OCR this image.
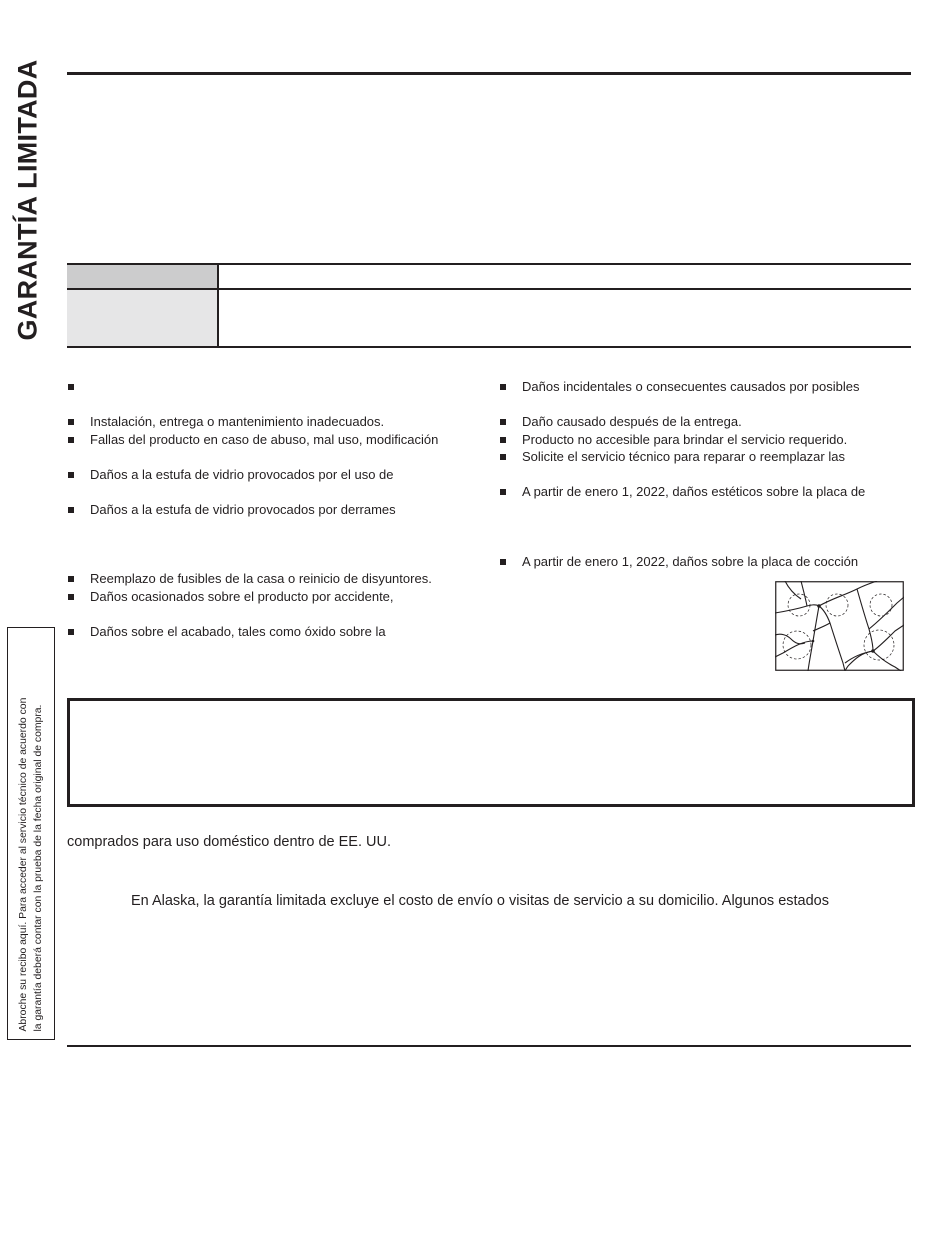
GARANTÍA LIMITADA
Instalación, entrega o mantenimiento inadecuados.
Fallas del producto en caso de abuso, mal uso, modificación
Daños a la estufa de vidrio provocados por el uso de
Daños a la estufa de vidrio provocados por derrames
Reemplazo de fusibles de la casa o reinicio de disyuntores.
Daños ocasionados sobre el producto por accidente,
Daños sobre el acabado, tales como óxido sobre la
Daños incidentales o consecuentes causados por posibles
Daño causado después de la entrega.
Producto no accesible para brindar el servicio requerido.
Solicite el servicio técnico para reparar o reemplazar las
A partir de enero 1, 2022, daños estéticos sobre la placa de
A partir de enero 1, 2022, daños sobre la placa de cocción
comprados para uso doméstico dentro de EE. UU.
En Alaska, la garantía limitada excluye el costo de envío o visitas de servicio a su domicilio. Algunos estados
Abroche su recibo aquí. Para acceder al servicio técnico de acuerdo con la garantía deberá contar con la prueba de la fecha original de compra.
